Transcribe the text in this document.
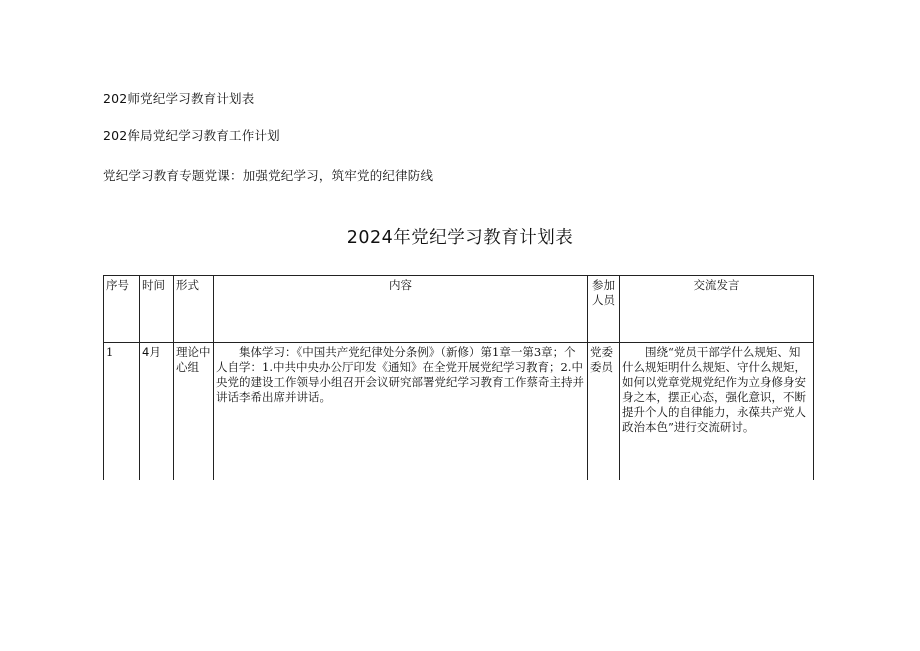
202师党纪学习教育计划表
202侔局党纪学习教育工作计划
党纪学习教育专题党课：加强党纪学习，筑牢党的纪律防线
2024年党纪学习教育计划表
序号	时间	形式	内容	参加人员	交流发言
1	4月	理论中心组	集体学习：《中国共产党纪律处分条例》（新修）第1章一第3章；个人自学：1.中共中央办公厅印发《通知》在全党开展党纪学习教育；2.中央党的建设工作领导小组召开会议研究部署党纪学习教育工作蔡奇主持并讲话李希出席并讲话。	党委委员	围绕“党员干部学什么规矩、知什么规矩明什么规矩、守什么规矩，如何以党章党规党纪作为立身修身安身之本，摆正心态，强化意识，不断提升个人的自律能力，永葆共产党人政治本色”进行交流研讨。
